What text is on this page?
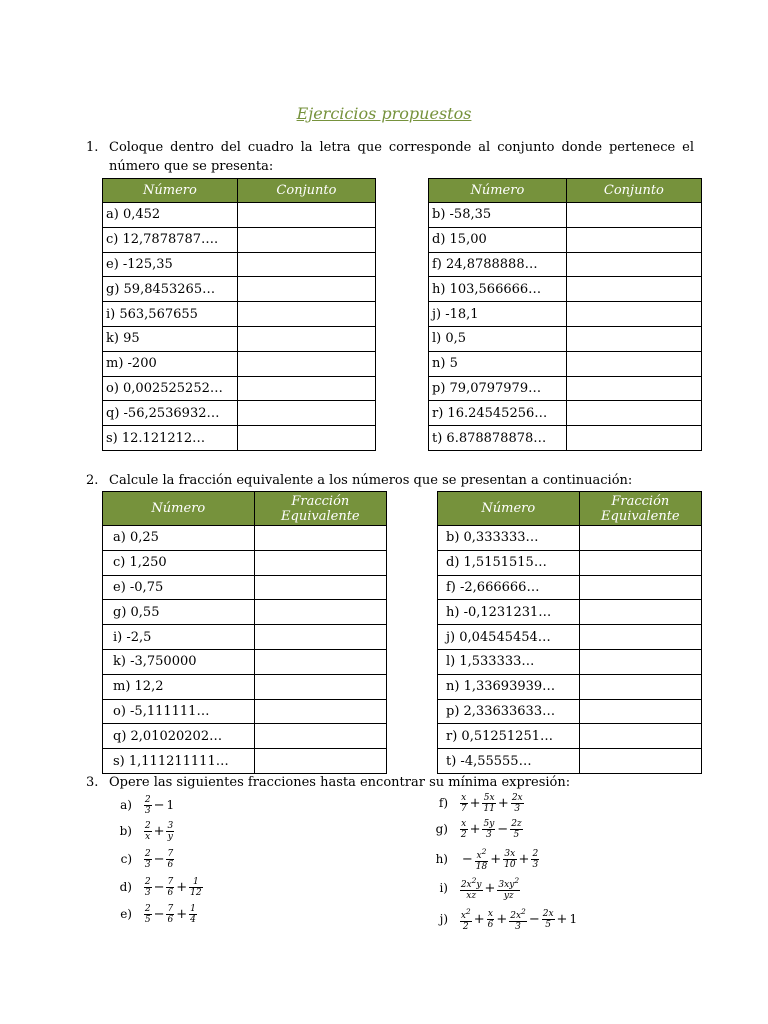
Ejercicios propuestos
1. Coloque dentro del cuadro la letra que corresponde al conjunto donde pertenece el número que se presenta:
Número	Conjunto
a) 0,452	
c) 12,7878787….	
e) -125,35	
g) 59,8453265…	
i) 563,567655	
k) 95	
m) -200	
o) 0,002525252…	
q) -56,2536932…	
s) 12.121212…	
Número	Conjunto
b) -58,35	
d) 15,00	
f) 24,8788888…	
h) 103,566666…	
j) -18,1	
l) 0,5	
n) 5	
p) 79,0797979…	
r) 16.24545256…	
t) 6.878878878…	
2. Calcule la fracción equivalente a los números que se presentan a continuación:
Número	Fracción Equivalente
a) 0,25	
c) 1,250	
e) -0,75	
g) 0,55	
i) -2,5	
k) -3,750000	
m) 12,2	
o) -5,111111…	
q) 2,01020202…	
s) 1,111211111…	
Número	Fracción Equivalente
b) 0,333333…	
d) 1,5151515…	
f) -2,666666…	
h) -0,1231231…	
j) 0,04545454…	
l) 1,533333…	
n) 1,33693939…	
p) 2,33633633…	
r) 0,51251251…	
t) -4,55555…	
3. Opere las siguientes fracciones hasta encontrar su mínima expresión:
$a) \frac{2}{3} - 1$
$b) \frac{2}{x} + \frac{3}{y}$
$c) \frac{2}{3} - \frac{7}{6}$
$d) \frac{2}{3} - \frac{7}{6} + \frac{1}{12}$
$e) \frac{2}{5} - \frac{7}{6} + \frac{1}{4}$
$f) \frac{x}{7} + \frac{5x}{11} + \frac{2x}{3}$
$g) \frac{x}{2} + \frac{5y}{3} - \frac{2z}{5}$
$h) - \frac{x^2}{18} + \frac{3x}{10} + \frac{2}{3}$
$i) \frac{2x^2y}{xz} + \frac{3xy^2}{yz}$
$j) \frac{x^2}{2} + \frac{x}{6} + \frac{2x^2}{3} - \frac{2x}{5} + 1$
